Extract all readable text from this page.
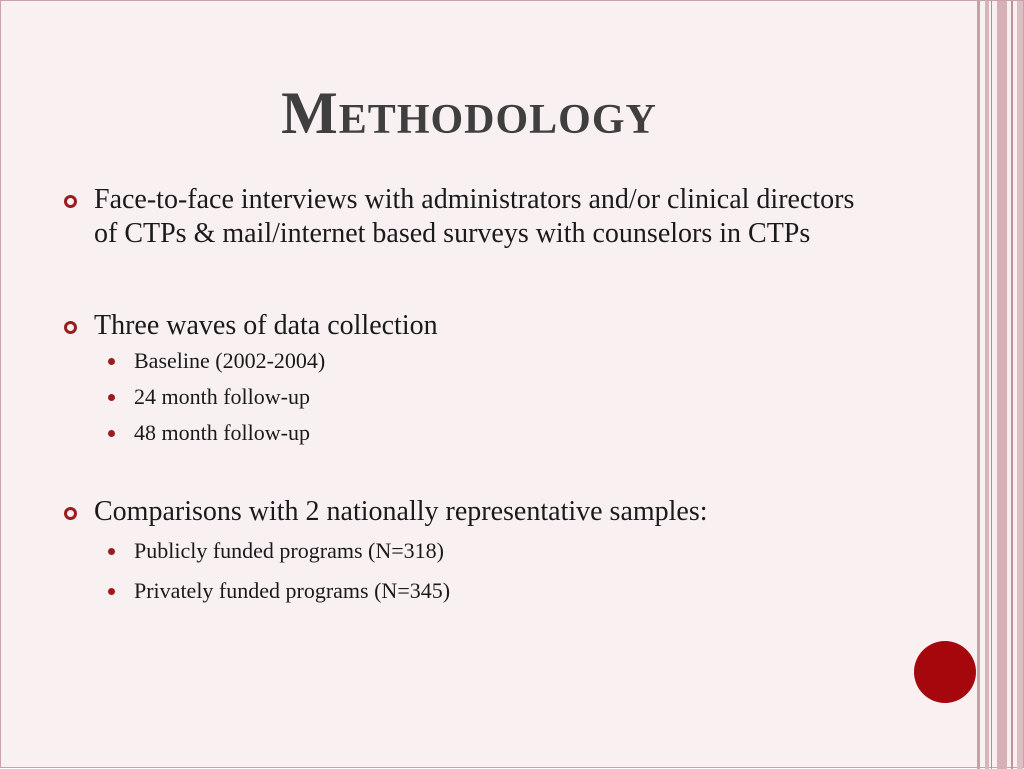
Methodology
Face-to-face interviews with administrators and/or clinical directors of CTPs & mail/internet based surveys with counselors in CTPs
Three waves of data collection
Baseline (2002-2004)
24 month follow-up
48 month follow-up
Comparisons with 2 nationally representative samples:
Publicly funded programs (N=318)
Privately funded programs (N=345)
